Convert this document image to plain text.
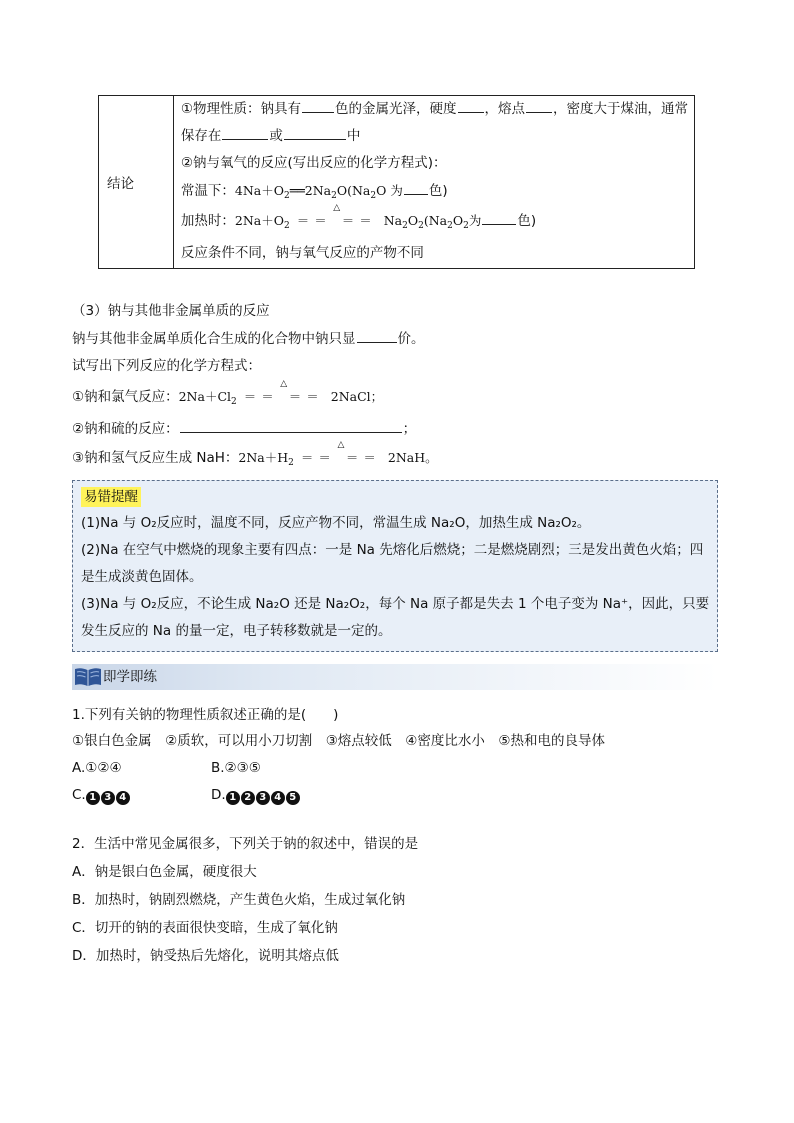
结论	
①物理性质：钠具有	色的金属光泽，硬度 ，熔点 ，密度大于煤油，通常
保存在	或	中
②钠与氧气的反应(写出反应的化学方程式)：
常温下：$4Na+O_2══2Na_2O(Na_2O$ 为 色)
加热时：$2Na+O_2$
△
＝＝ ＝＝ $Na_2O_2(Na_2O_2$为	色)
反应条件不同，钠与氧气反应的产物不同
（3）钠与其他非金属单质的反应
钠与其他非金属单质化合生成的化合物中钠只显	价。
试写出下列反应的化学方程式：
①钠和氯气反应：$2Na+Cl_2$
△
＝＝ ＝＝ 2NaCl；
②钠和硫的反应：	；
③钠和氢气反应生成 NaH：$2Na+H_2$
△
＝＝ ＝＝ 2NaH。
易错提醒
(1)Na 与 O₂反应时，温度不同，反应产物不同，常温生成 Na₂O，加热生成 Na₂O₂。
(2)Na 在空气中燃烧的现象主要有四点：一是 Na 先熔化后燃烧；二是燃烧剧烈；三是发出黄色火焰；四
是生成淡黄色固体。
(3)Na 与 O₂反应，不论生成 Na₂O 还是 Na₂O₂，每个 Na 原子都是失去 1 个电子变为 Na⁺，因此，只要
发生反应的 Na 的量一定，电子转移数就是一定的。
即学即练
1.下列有关钠的物理性质叙述正确的是(　　)
①银白色金属　②质软，可以用小刀切割　③熔点较低　④密度比水小　⑤热和电的良导体
A.①②④	B.②③⑤
C. 1 3 4	D. 1 2 3 4 5
2．生活中常见金属很多，下列关于钠的叙述中，错误的是
A．钠是银白色金属，硬度很大
B．加热时，钠剧烈燃烧，产生黄色火焰，生成过氧化钠
C．切开的钠的表面很快变暗，生成了氧化钠
D．加热时，钠受热后先熔化，说明其熔点低
